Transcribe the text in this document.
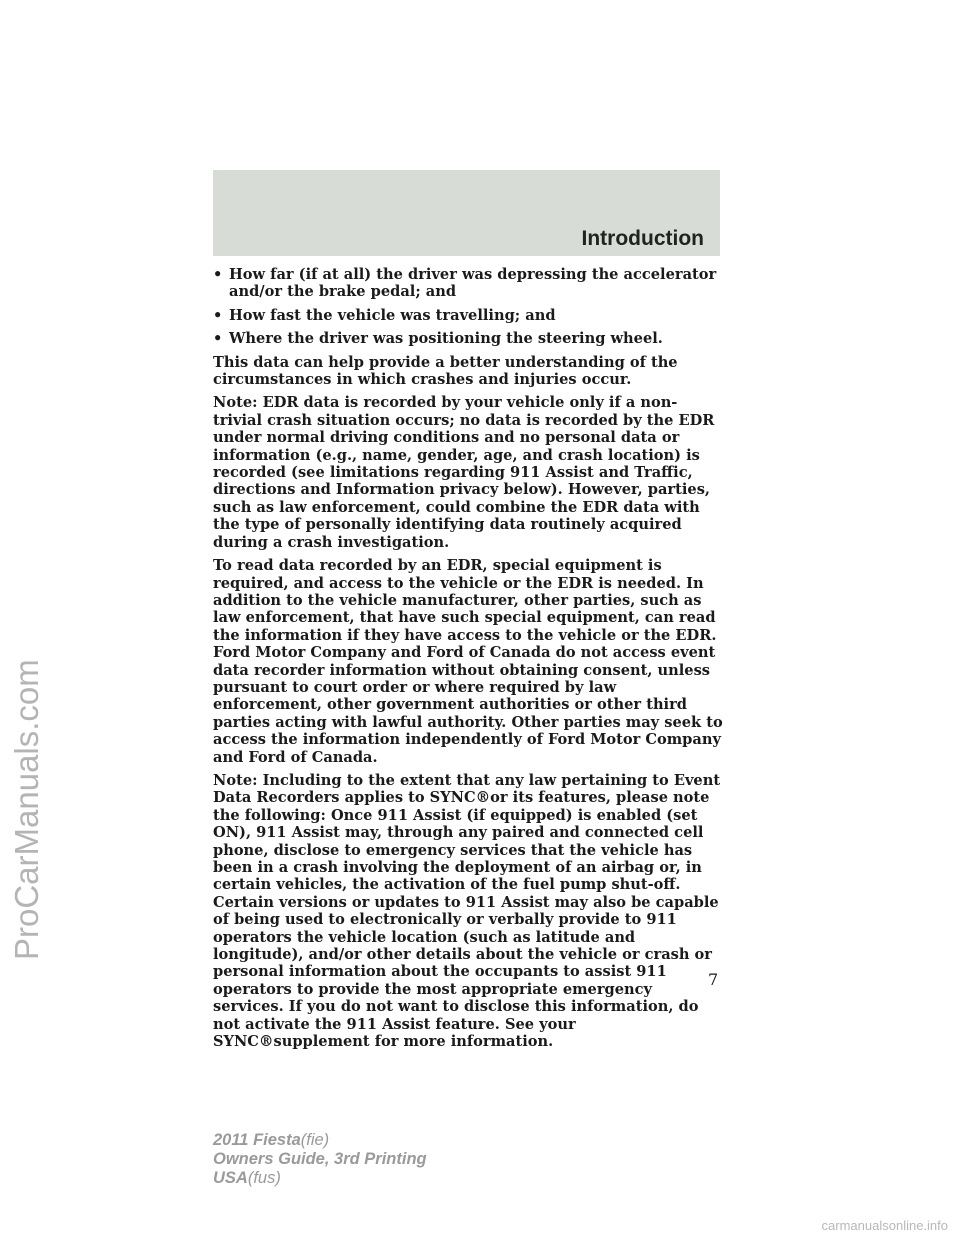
ProCarManuals.com
Introduction
• How far (if at all) the driver was depressing the accelerator and/or the brake pedal; and
• How fast the vehicle was travelling; and
• Where the driver was positioning the steering wheel.

This data can help provide a better understanding of the circumstances in which crashes and injuries occur.

Note: EDR data is recorded by your vehicle only if a non-trivial crash situation occurs; no data is recorded by the EDR under normal driving conditions and no personal data or information (e.g., name, gender, age, and crash location) is recorded (see limitations regarding 911 Assist and Traffic, directions and Information privacy below). However, parties, such as law enforcement, could combine the EDR data with the type of personally identifying data routinely acquired during a crash investigation.

To read data recorded by an EDR, special equipment is required, and access to the vehicle or the EDR is needed. In addition to the vehicle manufacturer, other parties, such as law enforcement, that have such special equipment, can read the information if they have access to the vehicle or the EDR. Ford Motor Company and Ford of Canada do not access event data recorder information without obtaining consent, unless pursuant to court order or where required by law enforcement, other government authorities or other third parties acting with lawful authority. Other parties may seek to access the information independently of Ford Motor Company and Ford of Canada.

Note: Including to the extent that any law pertaining to Event Data Recorders applies to SYNC®or its features, please note the following: Once 911 Assist (if equipped) is enabled (set ON), 911 Assist may, through any paired and connected cell phone, disclose to emergency services that the vehicle has been in a crash involving the deployment of an airbag or, in certain vehicles, the activation of the fuel pump shut-off. Certain versions or updates to 911 Assist may also be capable of being used to electronically or verbally provide to 911 operators the vehicle location (such as latitude and longitude), and/or other details about the vehicle or crash or personal information about the occupants to assist 911 operators to provide the most appropriate emergency services. If you do not want to disclose this information, do not activate the 911 Assist feature. See your SYNC®supplement for more information.

7
2011 Fiesta(fie)
Owners Guide, 3rd Printing
USA(fus)
carmanualsonline.info
